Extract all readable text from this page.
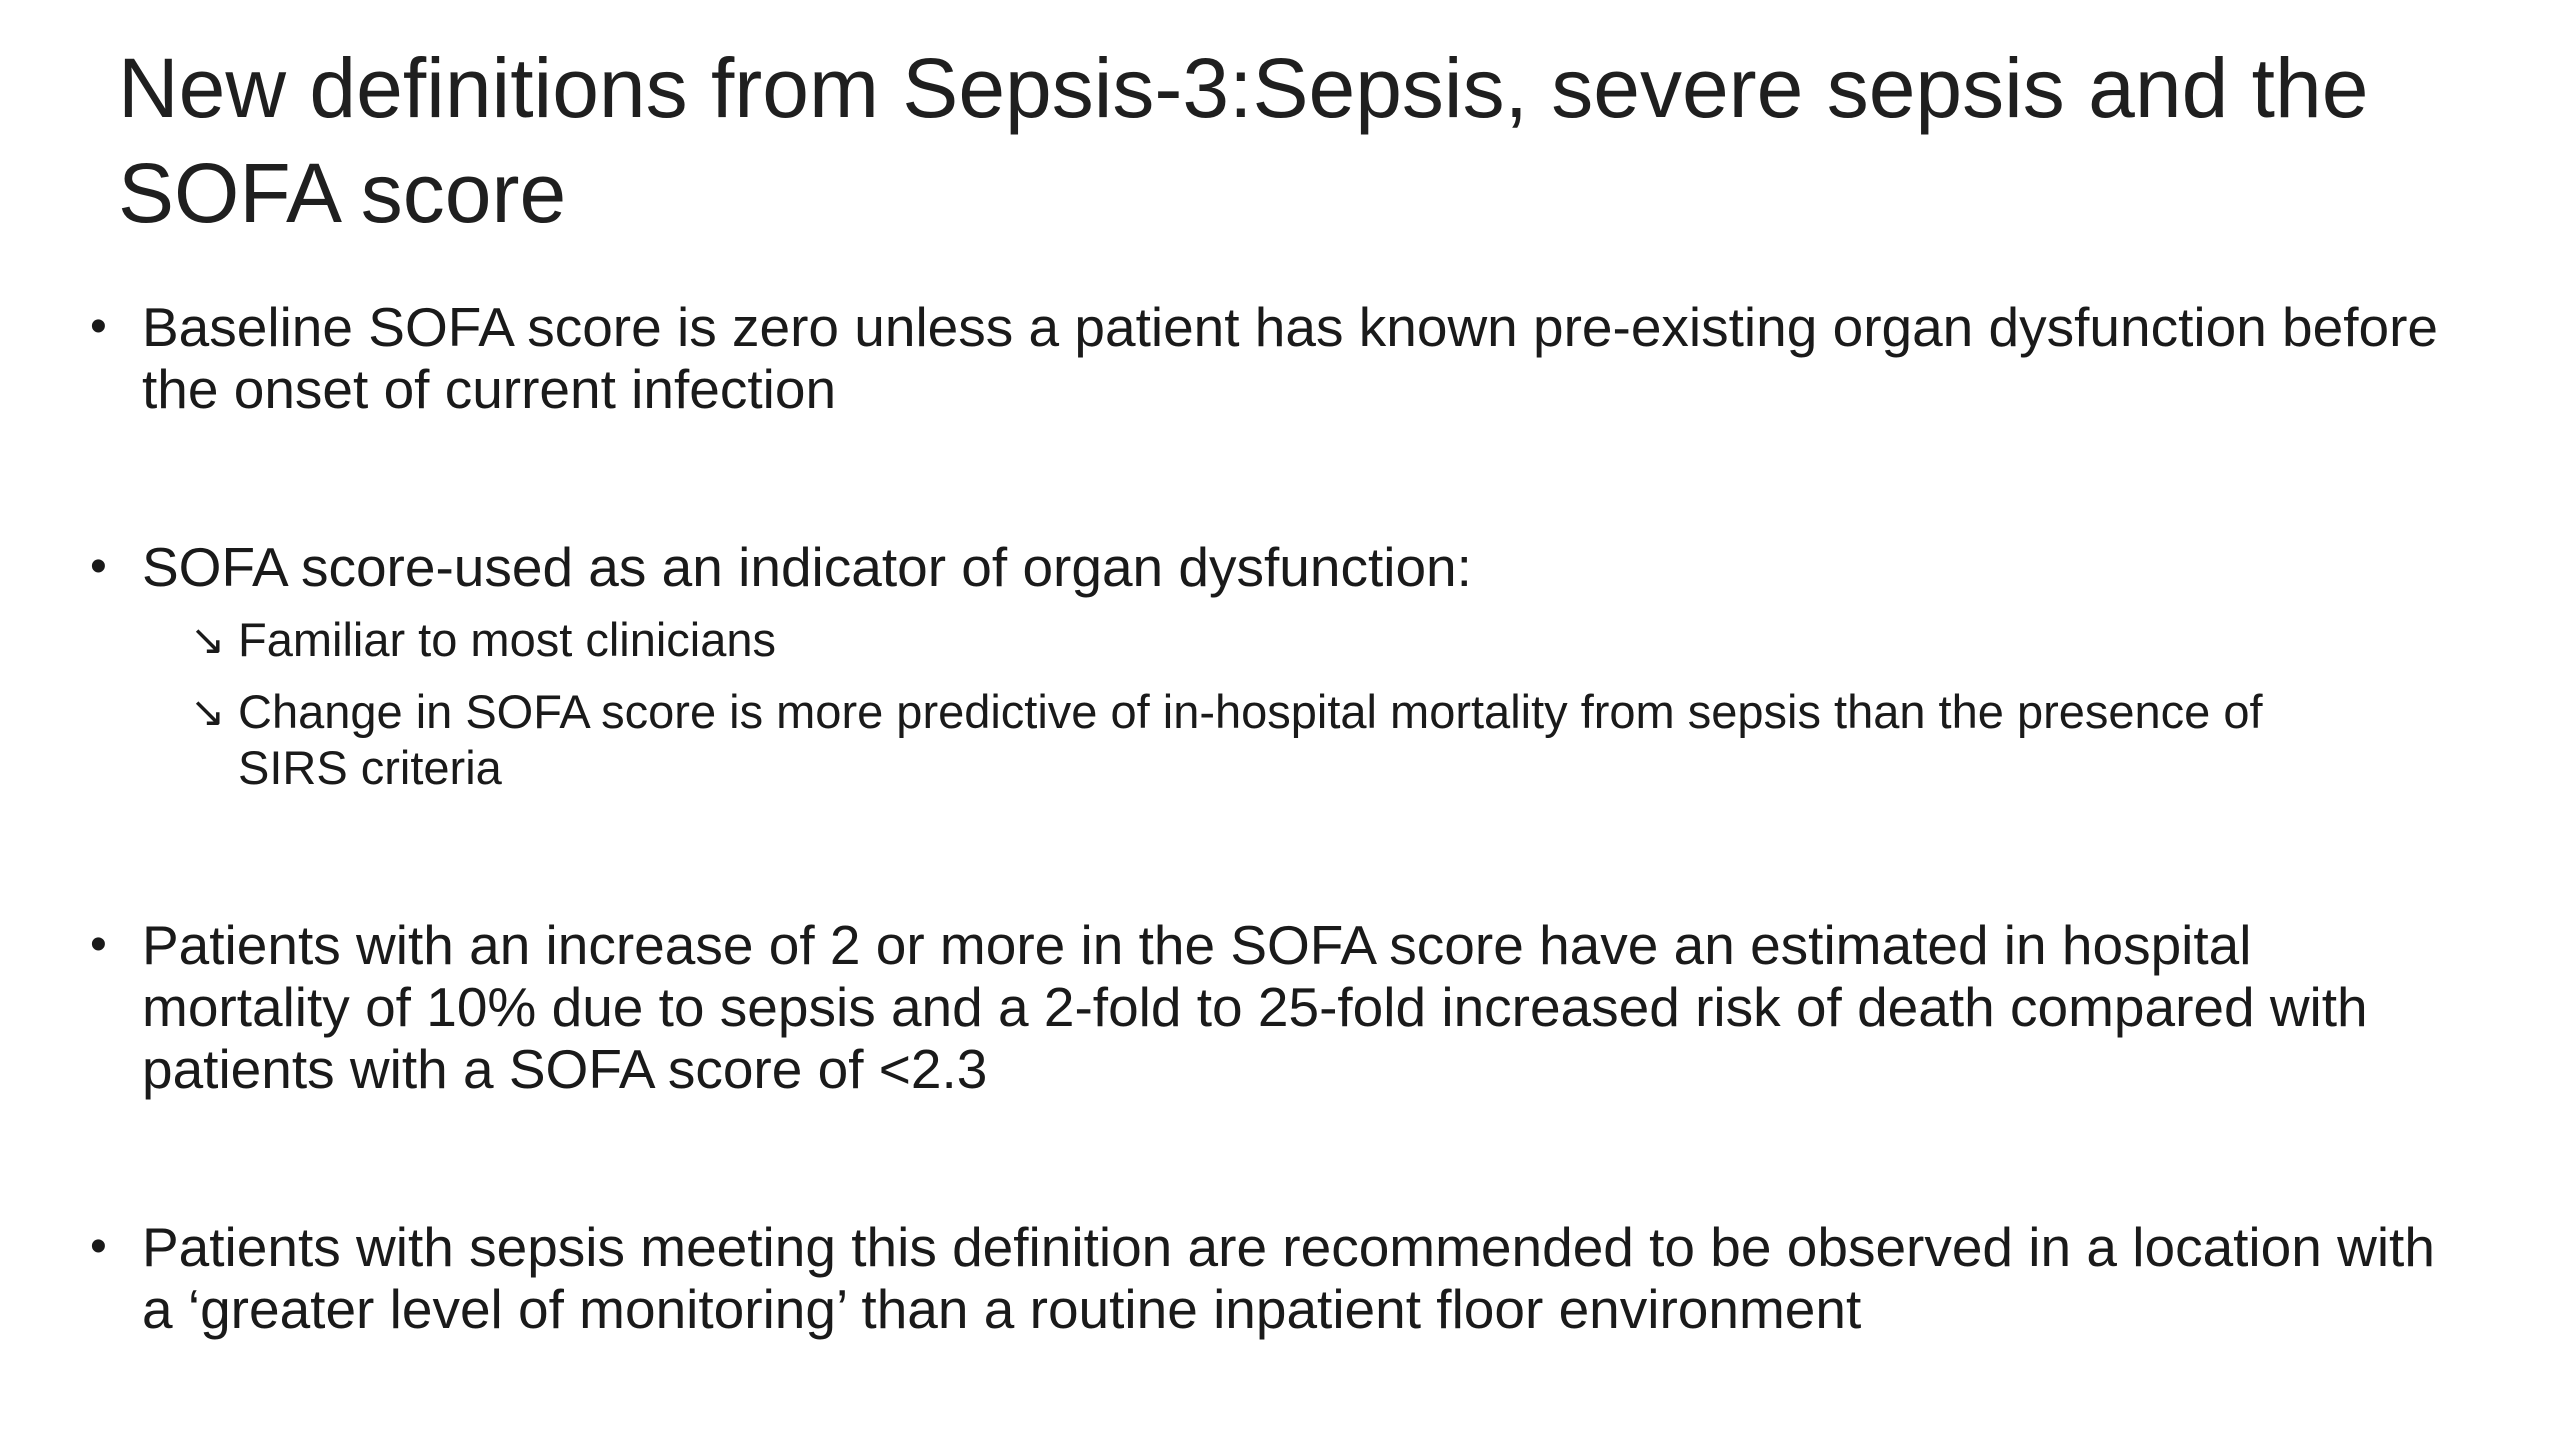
New definitions from Sepsis-3:Sepsis, severe sepsis and the SOFA score
• Baseline SOFA score is zero unless a patient has known pre-existing organ dysfunction before the onset of current infection
• SOFA score-used as an indicator of organ dysfunction:
↘ Familiar to most clinicians
↘ Change in SOFA score is more predictive of in-hospital mortality from sepsis than the presence of SIRS criteria
• Patients with an increase of 2 or more in the SOFA score have an estimated in hospital mortality of 10% due to sepsis and a 2-fold to 25-fold increased risk of death compared with patients with a SOFA score of <2.3
• Patients with sepsis meeting this definition are recommended to be observed in a location with a ‘greater level of monitoring’ than a routine inpatient floor environment
